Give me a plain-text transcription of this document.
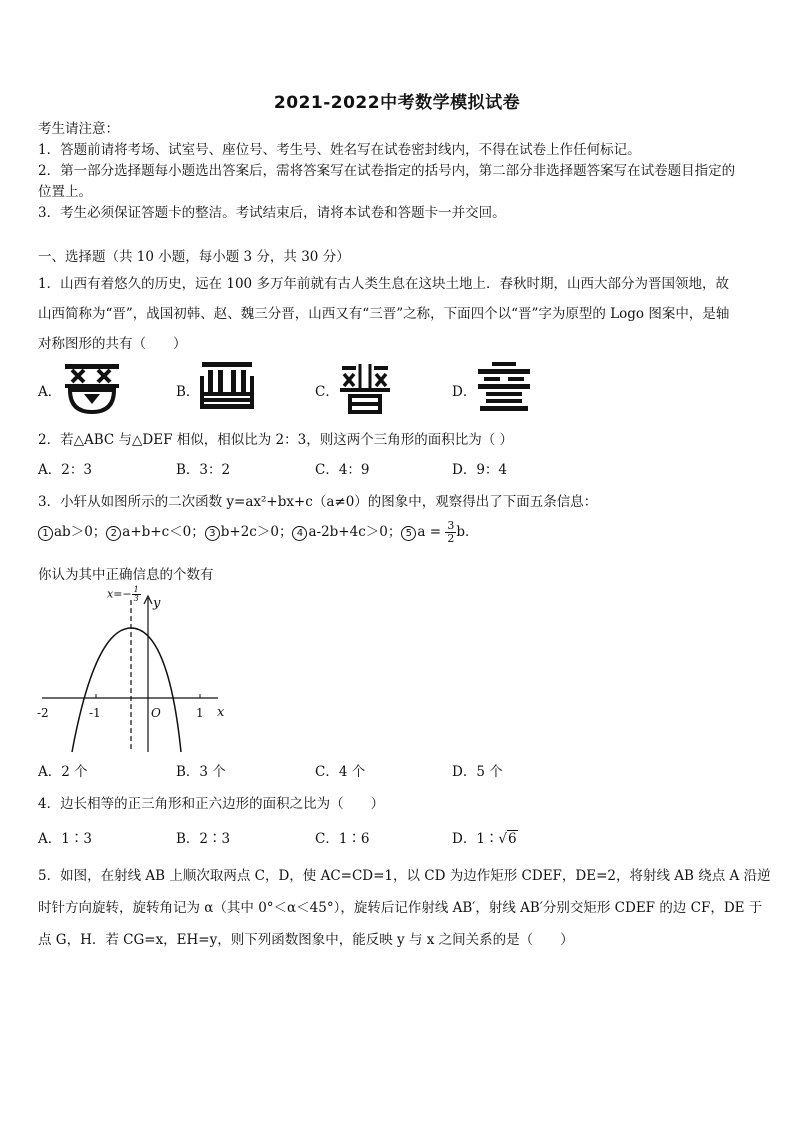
2021-2022中考数学模拟试卷
考生请注意：
1．答题前请将考场、试室号、座位号、考生号、姓名写在试卷密封线内，不得在试卷上作任何标记。
2．第一部分选择题每小题选出答案后，需将答案写在试卷指定的括号内，第二部分非选择题答案写在试卷题目指定的
位置上。
3．考生必须保证答题卡的整洁。考试结束后，请将本试卷和答题卡一并交回。
一、选择题（共 10 小题，每小题 3 分，共 30 分）
1．山西有着悠久的历史，远在 100 多万年前就有古人类生息在这块土地上．春秋时期，山西大部分为晋国领地，故
山西简称为“晋”，战国初韩、赵、魏三分晋，山西又有“三晋”之称，下面四个以“晋”字为原型的 Logo 图案中，是轴
对称图形的共有（　　）
A．	B．	C．	D．
2．若△ABC 与△DEF 相似，相似比为 2：3，则这两个三角形的面积比为（ ）
A．2：3	B．3：2	C．4：9	D．9：4
3．小轩从如图所示的二次函数 y=ax²+bx+c（a≠0）的图象中，观察得出了下面五条信息：
1 ab＞0； 2 a+b+c＜0； 3 b+2c＞0； 4 a-2b+4c＞0； 5 $a = \frac{3}{2}$ b．
你认为其中正确信息的个数有
$x=- \frac{1}{3}$
y
x
O
-2	-1	1
A．2 个	B．3 个	C．4 个	D．5 个
4．边长相等的正三角形和正六边形的面积之比为（　　）
A．1∶3	B．2∶3	C．1∶6	D．1∶√6
5．如图，在射线 AB 上顺次取两点 C，D，使 AC=CD=1，以 CD 为边作矩形 CDEF，DE=2，将射线 AB 绕点 A 沿逆
时针方向旋转，旋转角记为 α（其中 0°＜α＜45°），旋转后记作射线 AB′，射线 AB′分别交矩形 CDEF 的边 CF，DE 于
点 G，H．若 CG=x，EH=y，则下列函数图象中，能反映 y 与 x 之间关系的是（　　）
